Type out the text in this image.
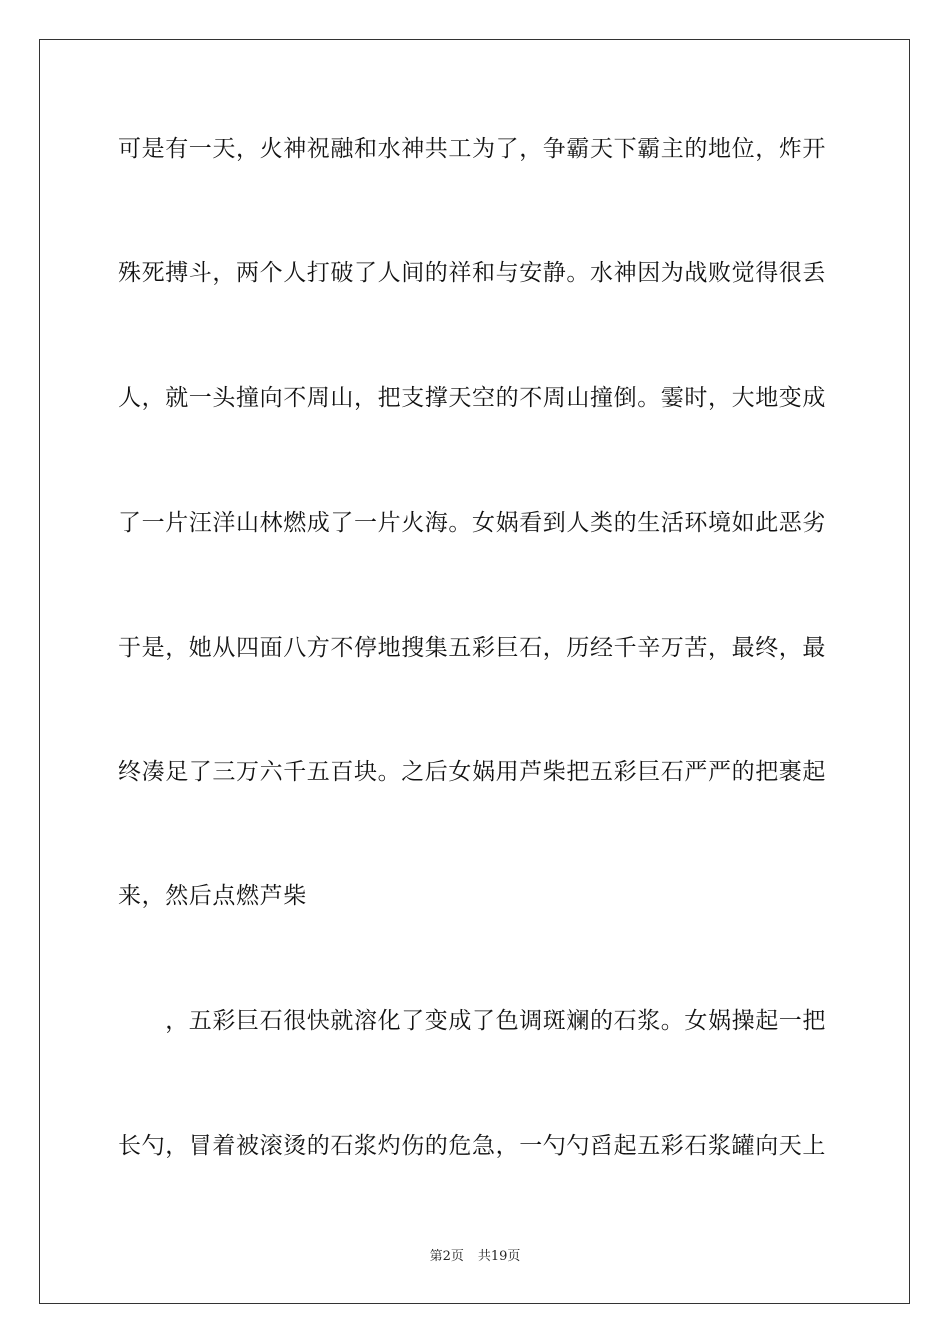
可是有一天，火神祝融和水神共工为了，争霸天下霸主的地位，炸开
殊死搏斗，两个人打破了人间的祥和与安静。水神因为战败觉得很丢
人，就一头撞向不周山，把支撑天空的不周山撞倒。霎时，大地变成
了一片汪洋山林燃成了一片火海。女娲看到人类的生活环境如此恶劣
于是，她从四面八方不停地搜集五彩巨石，历经千辛万苦，最终，最
终凑足了三万六千五百块。之后女娲用芦柴把五彩巨石严严的把裹起
来，然后点燃芦柴
　　，五彩巨石很快就溶化了变成了色调斑斓的石浆。女娲操起一把
长勺，冒着被滚烫的石浆灼伤的危急，一勺勺舀起五彩石浆罐向天上
第2页 共19页
